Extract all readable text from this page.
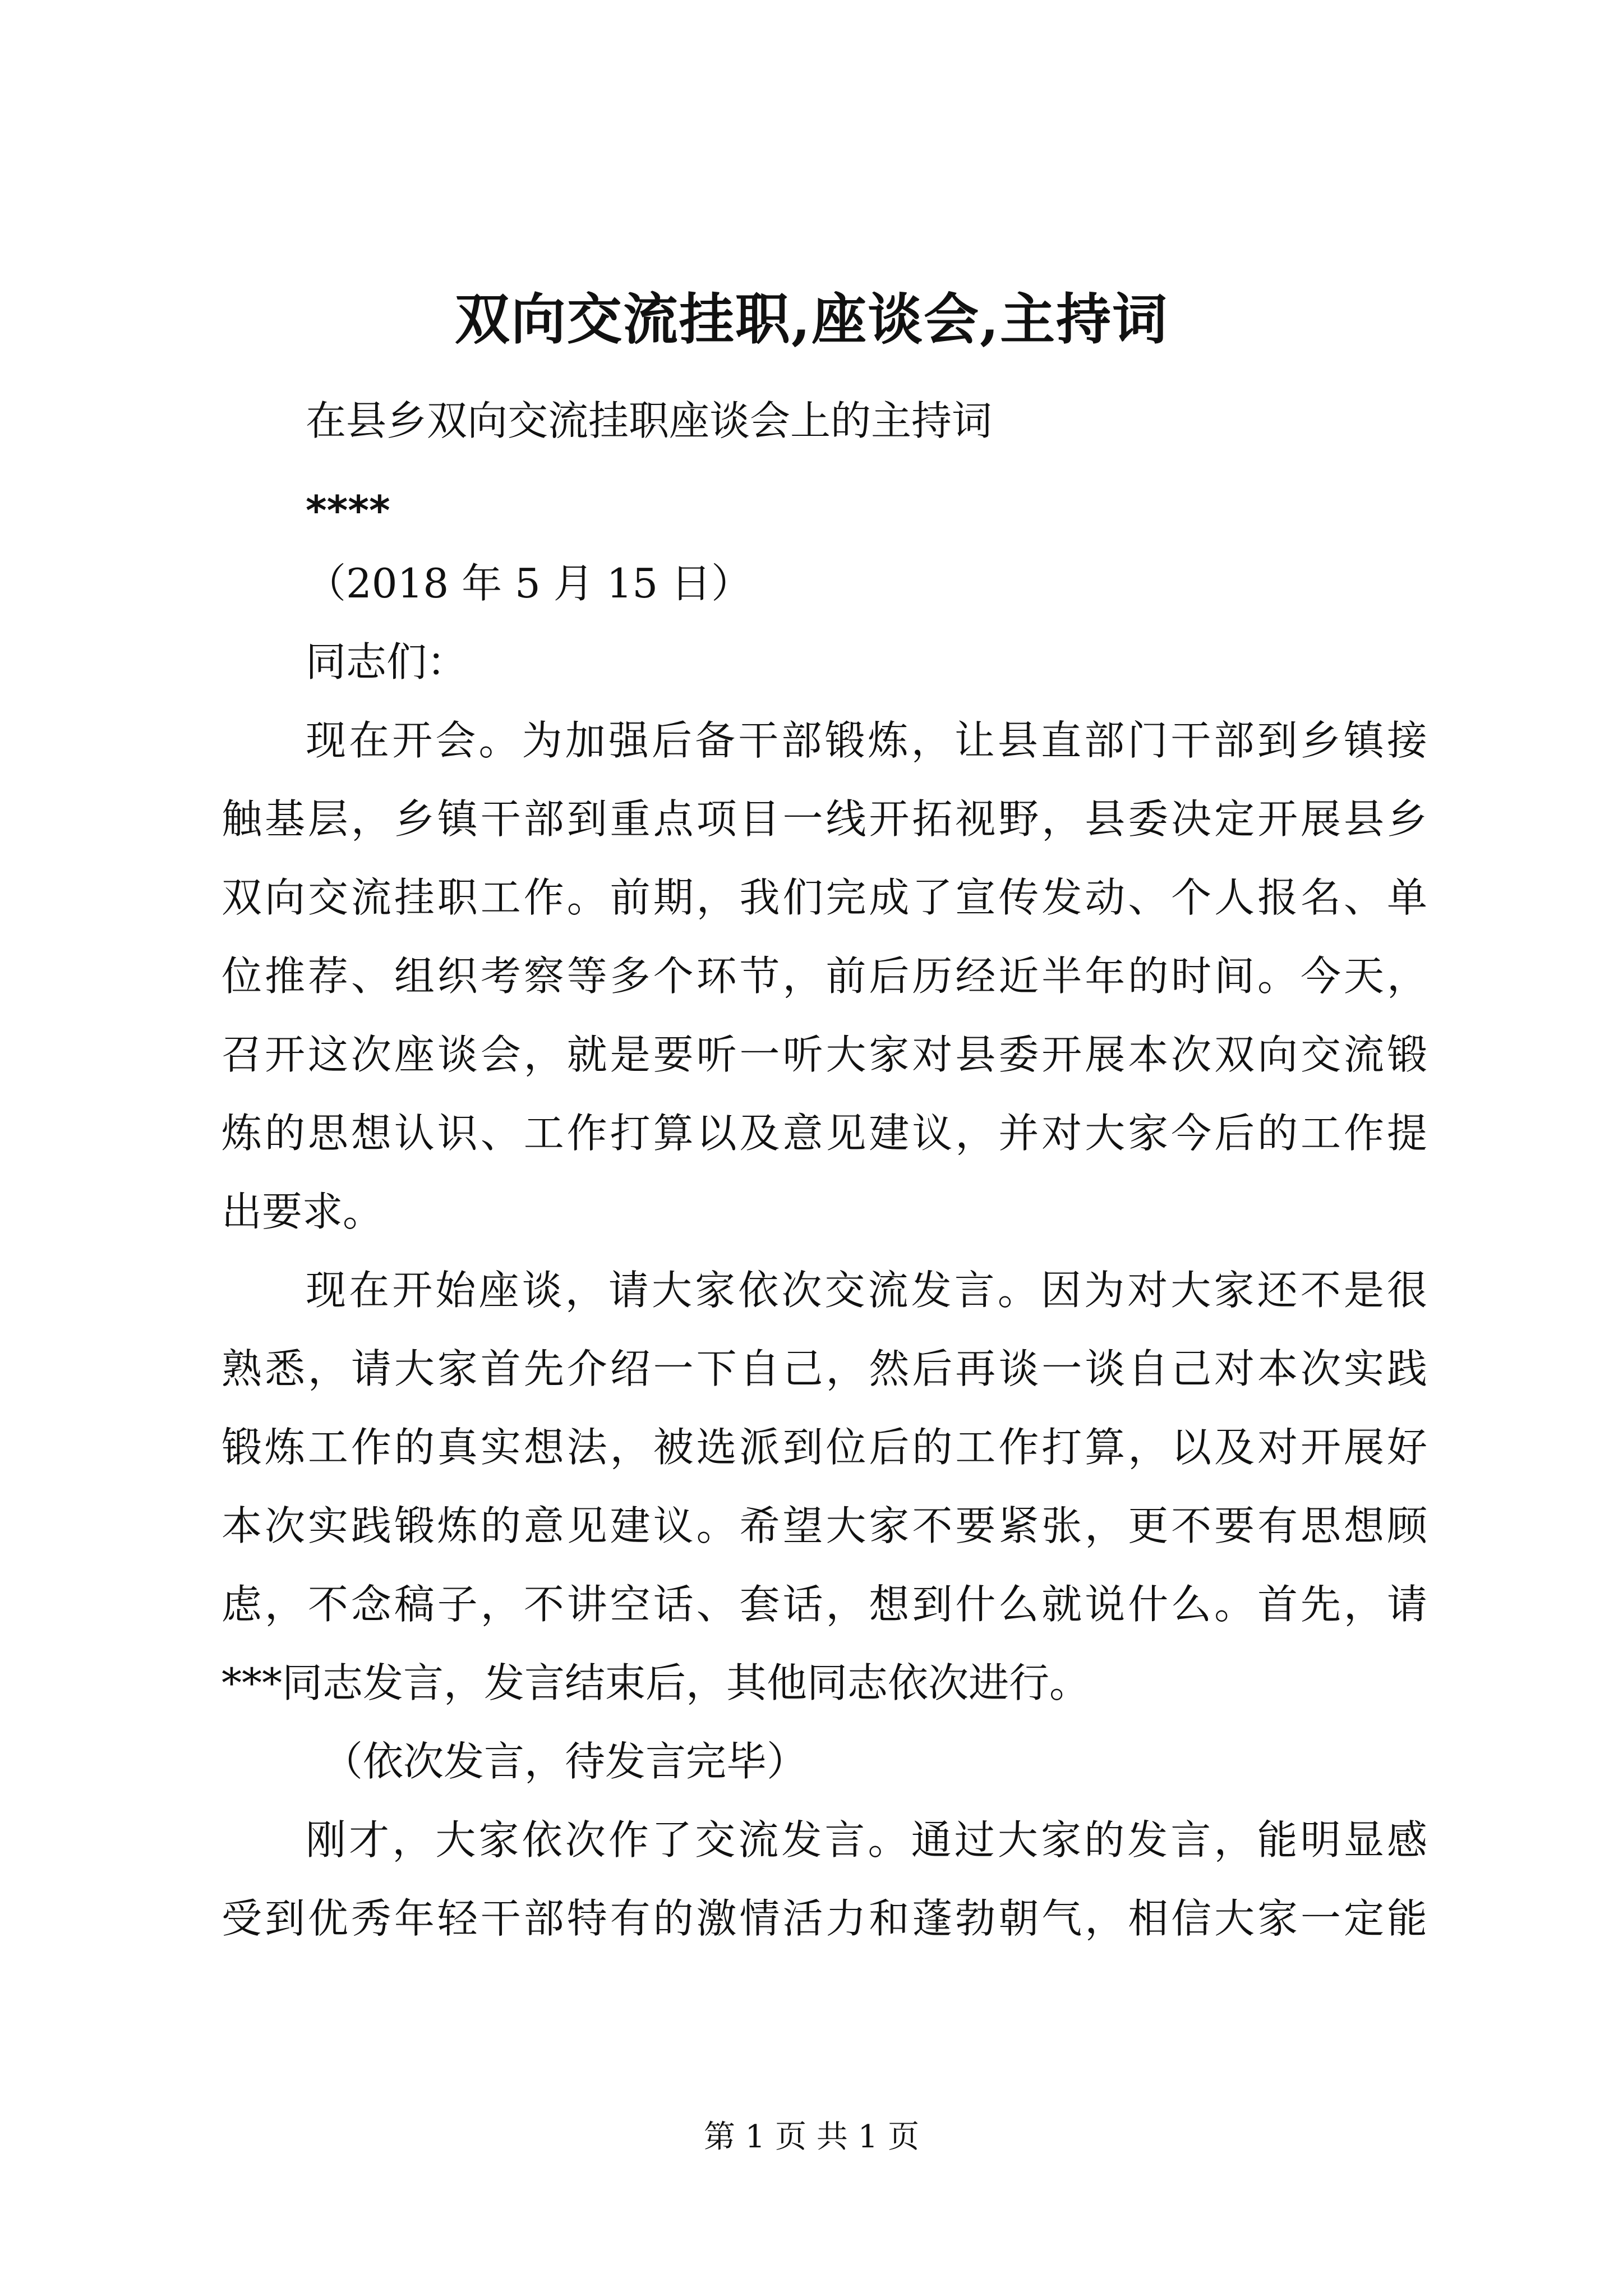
双向交流挂职,座谈会,主持词
在县乡双向交流挂职座谈会上的主持词
****
（2018 年 5 月 15 日）
同志们：
现在开会。为加强后备干部锻炼，让县直部门干部到乡镇接
触基层，乡镇干部到重点项目一线开拓视野，县委决定开展县乡
双向交流挂职工作。前期，我们完成了宣传发动、个人报名、单
位推荐、组织考察等多个环节，前后历经近半年的时间。今天，
召开这次座谈会，就是要听一听大家对县委开展本次双向交流锻
炼的思想认识、工作打算以及意见建议，并对大家今后的工作提
出要求。
现在开始座谈，请大家依次交流发言。因为对大家还不是很
熟悉，请大家首先介绍一下自己，然后再谈一谈自己对本次实践
锻炼工作的真实想法，被选派到位后的工作打算，以及对开展好
本次实践锻炼的意见建议。希望大家不要紧张，更不要有思想顾
虑，不念稿子，不讲空话、套话，想到什么就说什么。首先，请
***同志发言，发言结束后，其他同志依次进行。
（依次发言，待发言完毕）
刚才，大家依次作了交流发言。通过大家的发言，能明显感
受到优秀年轻干部特有的激情活力和蓬勃朝气，相信大家一定能
第 1 页 共 1 页
